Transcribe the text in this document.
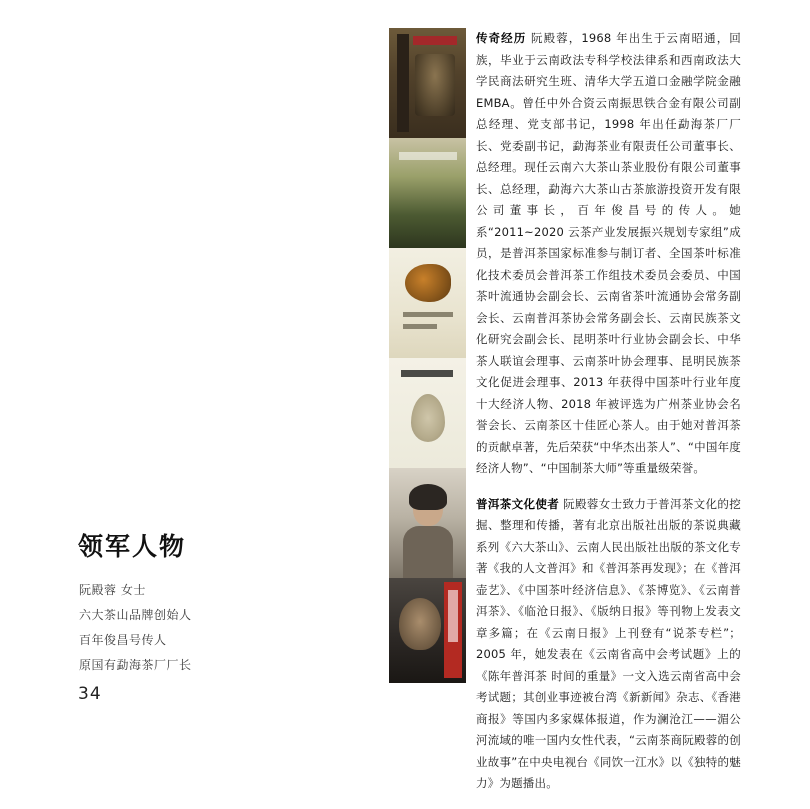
领军人物
阮殿蓉 女士
六大茶山品牌创始人
百年俊昌号传人
原国有勐海茶厂厂长
34

传奇经历 阮殿蓉，1968 年出生于云南昭通，回族，毕业于云南政法专科学校法律系和西南政法大学民商法研究生班、清华大学五道口金融学院金融 EMBA。曾任中外合资云南振思铁合金有限公司副总经理、党支部书记，1998 年出任勐海茶厂厂长、党委副书记，勐海茶业有限责任公司董事长、总经理。现任云南六大茶山茶业股份有限公司董事长、总经理，勐海六大茶山古茶旅游投资开发有限公司董事长，百年俊昌号的传人。她系“2011~2020 云茶产业发展振兴规划专家组”成员，是普洱茶国家标准参与制订者、全国茶叶标准化技术委员会普洱茶工作组技术委员会委员、中国茶叶流通协会副会长、云南省茶叶流通协会常务副会长、云南普洱茶协会常务副会长、云南民族茶文化研究会副会长、昆明茶叶行业协会副会长、中华茶人联谊会理事、云南茶叶协会理事、昆明民族茶文化促进会理事、2013 年获得中国茶叶行业年度十大经济人物、2018 年被评选为广州茶业协会名誉会长、云南茶区十佳匠心茶人。由于她对普洱茶的贡献卓著，先后荣获“中华杰出茶人”、“中国年度经济人物”、“中国制茶大师”等重量级荣誉。

普洱茶文化使者 阮殿蓉女士致力于普洱茶文化的挖掘、整理和传播，著有北京出版社出版的茶说典藏系列《六大茶山》、云南人民出版社出版的茶文化专著《我的人文普洱》和《普洱茶再发现》；在《普洱壶艺》、《中国茶叶经济信息》、《茶博览》、《云南普洱茶》、《临沧日报》、《版纳日报》等刊物上发表文章多篇；在《云南日报》上刊登有“说茶专栏”；2005 年，她发表在《云南省高中会考试题》上的《陈年普洱茶 时间的重量》一文入选云南省高中会考试题；其创业事迹被台湾《新新闻》杂志、《香港商报》等国内多家媒体报道，作为澜沧江——湄公河流域的唯一国内女性代表，“云南茶商阮殿蓉的创业故事”在中央电视台《同饮一江水》以《独特的魅力》为题播出。
